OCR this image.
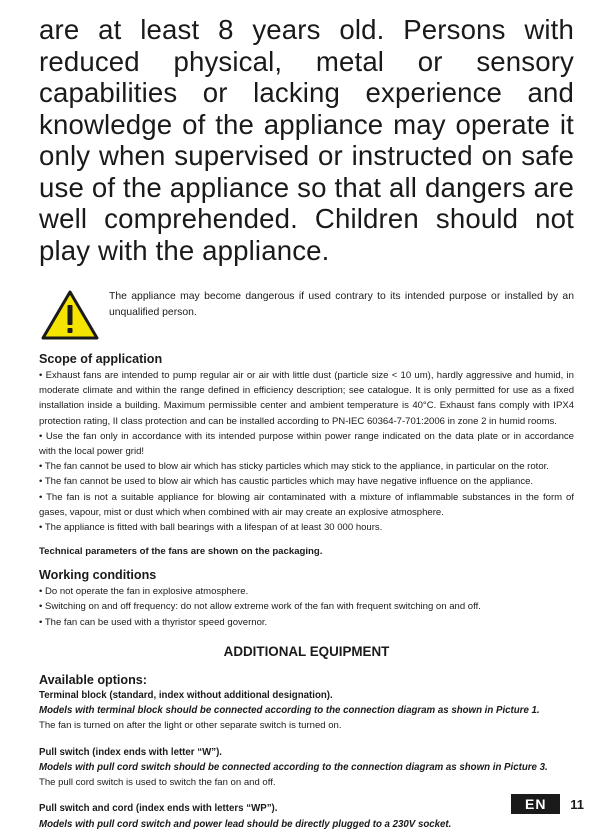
are at least 8 years old. Persons with reduced physical, metal or sensory capabilities or lacking experience and knowledge of the appliance may operate it only when supervised or instructed on safe use of the appliance so that all dangers are well comprehended. Children should not play with the appliance.

The appliance may become dangerous if used contrary to its intended purpose or installed by an unqualified person.
Scope of application

• Exhaust fans are intended to pump regular air or air with little dust (particle size < 10 um), hardly aggressive and humid, in moderate climate and within the range defined in efficiency description; see catalogue. It is only permitted for use as a fixed installation inside a building. Maximum permissible center and ambient temperature is 40°C. Exhaust fans comply with IPX4 protection rating, II class protection and can be installed according to PN-IEC 60364-7-701:2006 in zone 2 in humid rooms.

• Use the fan only in accordance with its intended purpose within power range indicated on the data plate or in accordance with the local power grid!

• The fan cannot be used to blow air which has sticky particles which may stick to the appliance, in particular on the rotor.

• The fan cannot be used to blow air which has caustic particles which may have negative influence on the appliance.

• The fan is not a suitable appliance for blowing air contaminated with a mixture of inflammable substances in the form of gases, vapour, mist or dust which when combined with air may create an explosive atmosphere.

• The appliance is fitted with ball bearings with a lifespan of at least 30 000 hours.

Technical parameters of the fans are shown on the packaging.

Working conditions

• Do not operate the fan in explosive atmosphere.

• Switching on and off frequency: do not allow extreme work of the fan with frequent switching on and off.

• The fan can be used with a thyristor speed governor.

ADDITIONAL EQUIPMENT
Available options:

Terminal block (standard, index without additional designation).

Models with terminal block should be connected according to the connection diagram as shown in Picture 1.

The fan is turned on after the light or other separate switch is turned on.

Pull switch (index ends with letter “W”).

Models with pull cord switch should be connected according to the connection diagram as shown in Picture 3.

The pull cord switch is used to switch the fan on and off.

Pull switch and cord (index ends with letters “WP”).

Models with pull cord switch and power lead should be directly plugged to a 230V socket.

EN	11
